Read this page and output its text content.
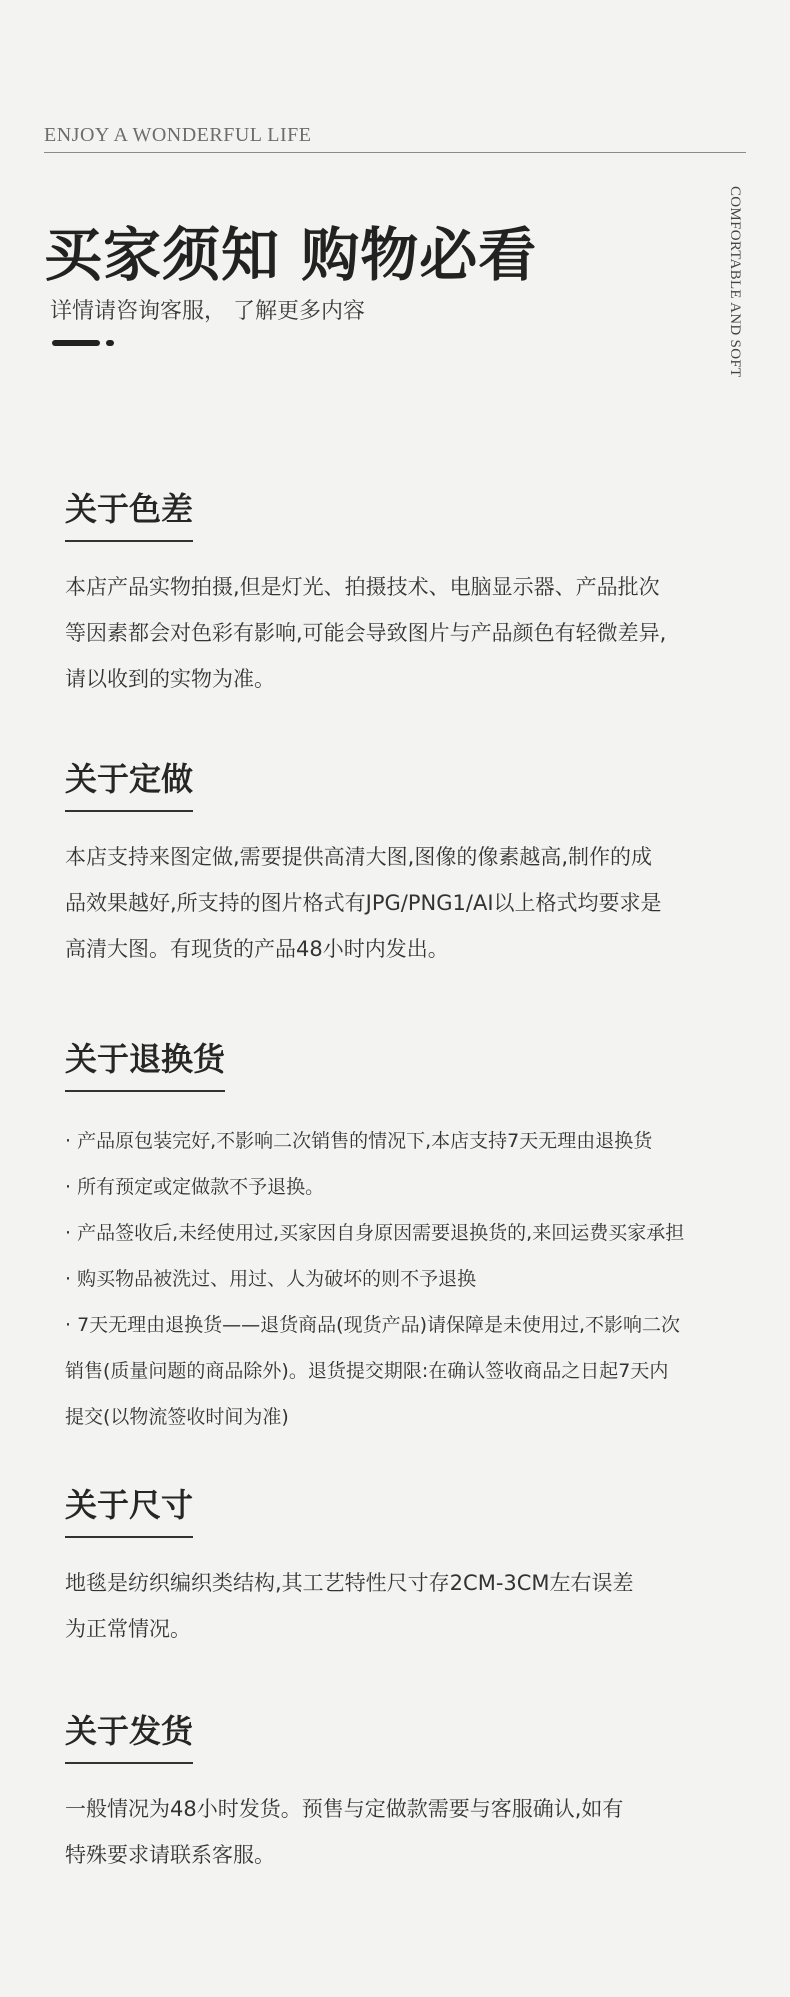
ENJOY A WONDERFUL LIFE
COMFORTABLE AND SOFT
买家须知 购物必看
详情请咨询客服， 了解更多内容
关于色差

本店产品实物拍摄,但是灯光、拍摄技术、电脑显示器、产品批次

等因素都会对色彩有影响,可能会导致图片与产品颜色有轻微差异,

请以收到的实物为准。

关于定做

本店支持来图定做,需要提供高清大图,图像的像素越高,制作的成

品效果越好,所支持的图片格式有JPG/PNG1/AI以上格式均要求是

高清大图。有现货的产品48小时内发出。

关于退换货

· 产品原包装完好,不影响二次销售的情况下,本店支持7天无理由退换货

· 所有预定或定做款不予退换。

· 产品签收后,未经使用过,买家因自身原因需要退换货的,来回运费买家承担

· 购买物品被洗过、用过、人为破坏的则不予退换

· 7天无理由退换货——退货商品(现货产品)请保障是未使用过,不影响二次

销售(质量问题的商品除外)。退货提交期限:在确认签收商品之日起7天内

提交(以物流签收时间为准)

关于尺寸

地毯是纺织编织类结构,其工艺特性尺寸存2CM-3CM左右误差

为正常情况。

关于发货

一般情况为48小时发货。预售与定做款需要与客服确认,如有

特殊要求请联系客服。
